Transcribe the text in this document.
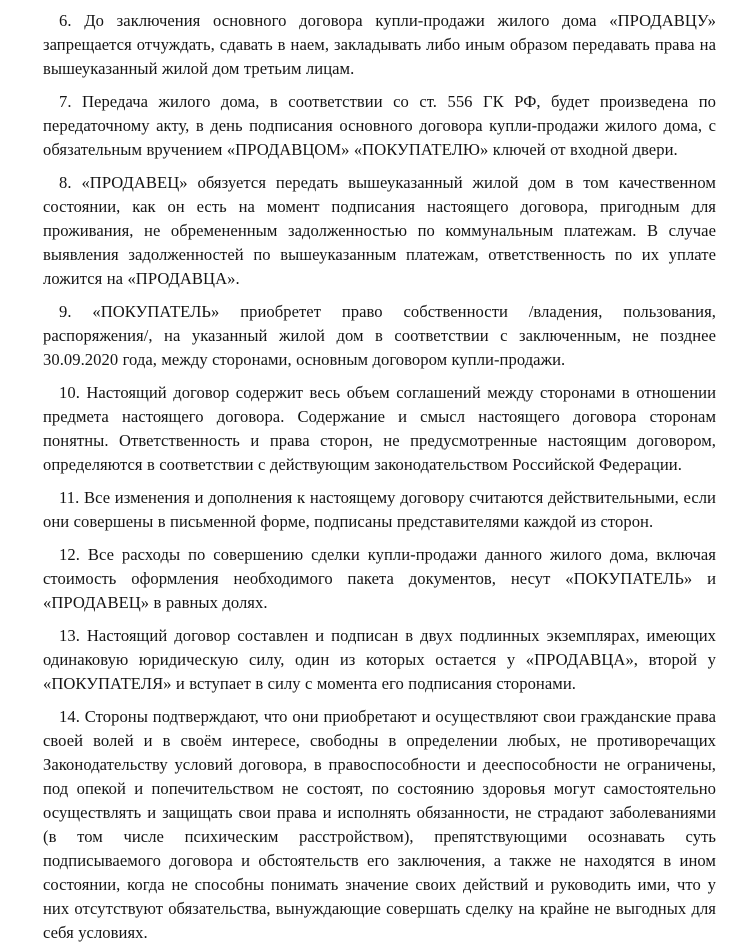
6. До заключения основного договора купли-продажи жилого дома «ПРОДАВЦУ» запрещается отчуждать, сдавать в наем, закладывать либо иным образом передавать права на вышеуказанный жилой дом третьим лицам.

7. Передача жилого дома, в соответствии со ст. 556 ГК РФ, будет произведена по передаточному акту, в день подписания основного договора купли-продажи жилого дома, с обязательным вручением «ПРОДАВЦОМ» «ПОКУПАТЕЛЮ» ключей от входной двери.

8. «ПРОДАВЕЦ» обязуется передать вышеуказанный жилой дом в том качественном состоянии, как он есть на момент подписания настоящего договора, пригодным для проживания, не обремененным задолженностью по коммунальным платежам. В случае выявления задолженностей по вышеуказанным платежам, ответственность по их уплате ложится на «ПРОДАВЦА».

9. «ПОКУПАТЕЛЬ» приобретет право собственности /владения, пользования, распоряжения/, на указанный жилой дом в соответствии с заключенным, не позднее 30.09.2020 года, между сторонами, основным договором купли-продажи.

10. Настоящий договор содержит весь объем соглашений между сторонами в отношении предмета настоящего договора. Содержание и смысл настоящего договора сторонам понятны. Ответственность и права сторон, не предусмотренные настоящим договором, определяются в соответствии с действующим законодательством Российской Федерации.

11. Все изменения и дополнения к настоящему договору считаются действительными, если они совершены в письменной форме, подписаны представителями каждой из сторон.

12. Все расходы по совершению сделки купли-продажи данного жилого дома, включая стоимость оформления необходимого пакета документов, несут «ПОКУПАТЕЛЬ» и «ПРОДАВЕЦ» в равных долях.

13. Настоящий договор составлен и подписан в двух подлинных экземплярах, имеющих одинаковую юридическую силу, один из которых остается у «ПРОДАВЦА», второй у «ПОКУПАТЕЛЯ» и вступает в силу с момента его подписания сторонами.

14. Стороны подтверждают, что они приобретают и осуществляют свои гражданские права своей волей и в своём интересе, свободны в определении любых, не противоречащих Законодательству условий договора, в правоспособности и дееспособности не ограничены, под опекой и попечительством не состоят, по состоянию здоровья могут самостоятельно осуществлять и защищать свои права и исполнять обязанности, не страдают заболеваниями (в том числе психическим расстройством), препятствующими осознавать суть подписываемого договора и обстоятельств его заключения, а также не находятся в ином состоянии, когда не способны понимать значение своих действий и руководить ими, что у них отсутствуют обязательства, вынуждающие совершать сделку на крайне не выгодных для себя условиях.
